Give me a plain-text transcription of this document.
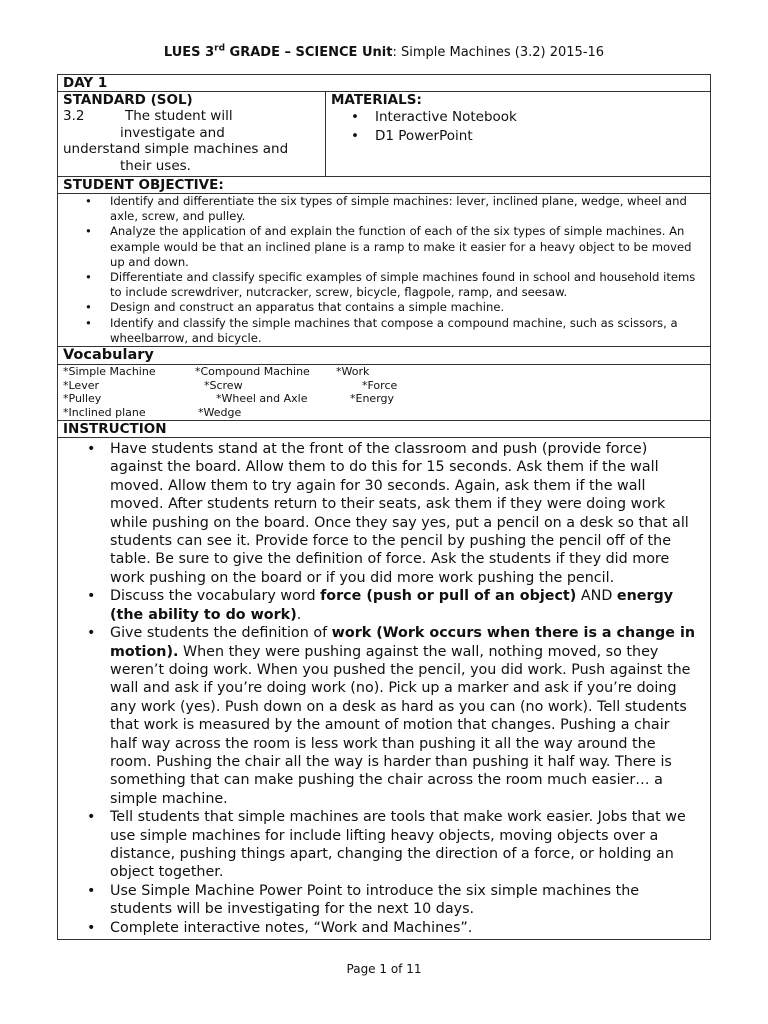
LUES 3rd GRADE – SCIENCE Unit: Simple Machines (3.2) 2015-16
DAY 1
STANDARD (SOL)
3.2	The student will
investigate and
understand simple machines and
their uses.
MATERIALS:
• Interactive Notebook
• D1 PowerPoint
STUDENT OBJECTIVE:
• Identify and differentiate the six types of simple machines: lever, inclined plane, wedge, wheel and axle, screw, and pulley.
• Analyze the application of and explain the function of each of the six types of simple machines. An example would be that an inclined plane is a ramp to make it easier for a heavy object to be moved up and down.
• Differentiate and classify specific examples of simple machines found in school and household items to include screwdriver, nutcracker, screw, bicycle, flagpole, ramp, and seesaw.
• Design and construct an apparatus that contains a simple machine.
• Identify and classify the simple machines that compose a compound machine, such as scissors, a wheelbarrow, and bicycle.
Vocabulary
*Simple Machine	*Compound Machine *Work
*Lever	*Screw	*Force
*Pulley	*Wheel and Axle	*Energy
*Inclined plane	*Wedge
INSTRUCTION
• Have students stand at the front of the classroom and push (provide force) against the board. Allow them to do this for 15 seconds. Ask them if the wall moved. Allow them to try again for 30 seconds. Again, ask them if the wall moved. After students return to their seats, ask them if they were doing work while pushing on the board. Once they say yes, put a pencil on a desk so that all students can see it. Provide force to the pencil by pushing the pencil off of the table. Be sure to give the definition of force. Ask the students if they did more work pushing on the board or if you did more work pushing the pencil.
• Discuss the vocabulary word force (push or pull of an object) AND energy (the ability to do work).
• Give students the definition of work (Work occurs when there is a change in motion). When they were pushing against the wall, nothing moved, so they weren’t doing work. When you pushed the pencil, you did work. Push against the wall and ask if you’re doing work (no). Pick up a marker and ask if you’re doing any work (yes). Push down on a desk as hard as you can (no work). Tell students that work is measured by the amount of motion that changes. Pushing a chair half way across the room is less work than pushing it all the way around the room. Pushing the chair all the way is harder than pushing it half way. There is something that can make pushing the chair across the room much easier… a simple machine.
• Tell students that simple machines are tools that make work easier. Jobs that we use simple machines for include lifting heavy objects, moving objects over a distance, pushing things apart, changing the direction of a force, or holding an object together.
• Use Simple Machine Power Point to introduce the six simple machines the students will be investigating for the next 10 days.
• Complete interactive notes, “Work and Machines”.
Page 1 of 11
